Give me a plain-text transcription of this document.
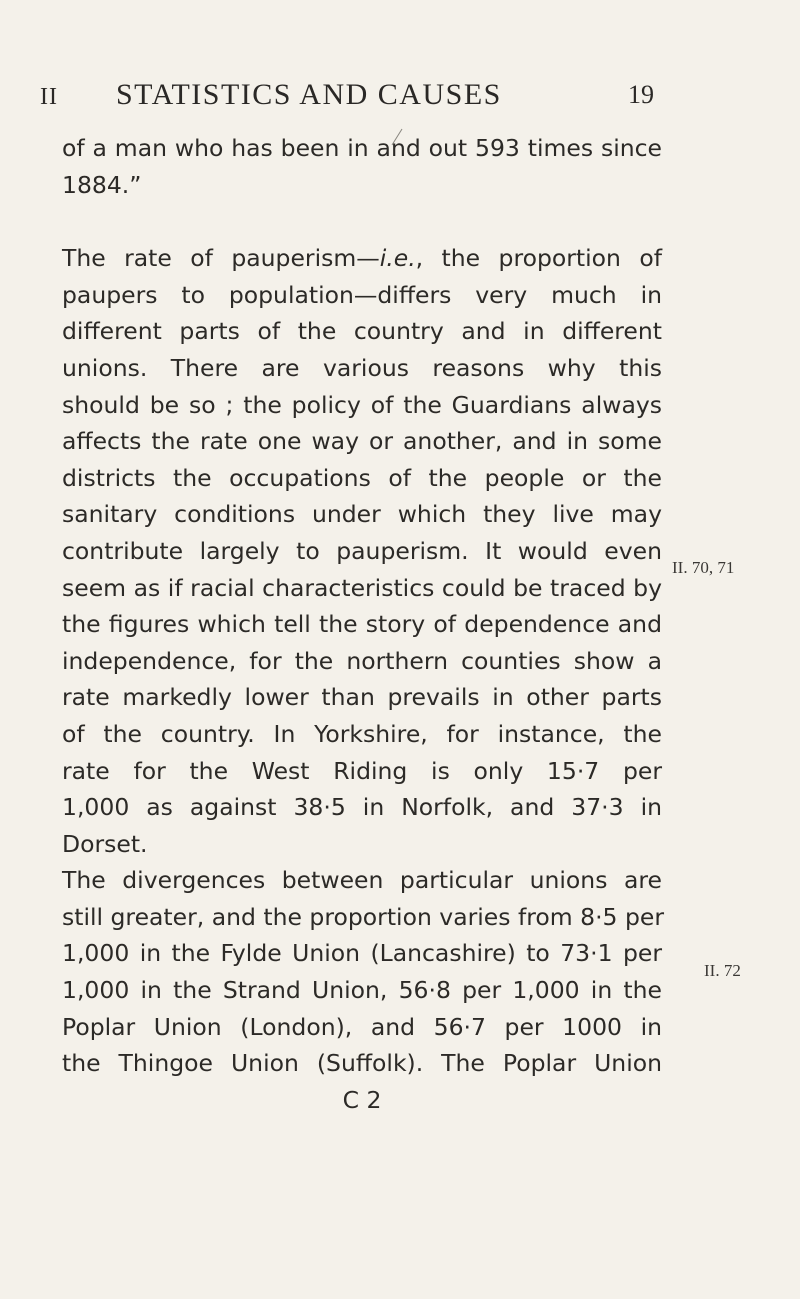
II STATISTICS AND CAUSES	19
of a man who has been in and out 593 times since
1884.”
The rate of pauperism—i.e., the proportion of
paupers to population—differs very much in
different parts of the country and in different
unions. There are various reasons why this
should be so ; the policy of the Guardians always
affects the rate one way or another, and in some
districts the occupations of the people or the
sanitary conditions under which they live may
contribute largely to pauperism. It would even
seem as if racial characteristics could be traced by
the figures which tell the story of dependence and
independence, for the northern counties show a
rate markedly lower than prevails in other parts
of the country. In Yorkshire, for instance, the
rate for the West Riding is only 15·7 per
1,000 as against 38·5 in Norfolk, and 37·3 in
Dorset.
The divergences between particular unions are
still greater, and the proportion varies from 8·5 per
1,000 in the Fylde Union (Lancashire) to 73·1 per
1,000 in the Strand Union, 56·8 per 1,000 in the
Poplar Union (London), and 56·7 per 1000 in
the Thingoe Union (Suffolk). The Poplar Union
C 2
II. 70, 71
II. 72
